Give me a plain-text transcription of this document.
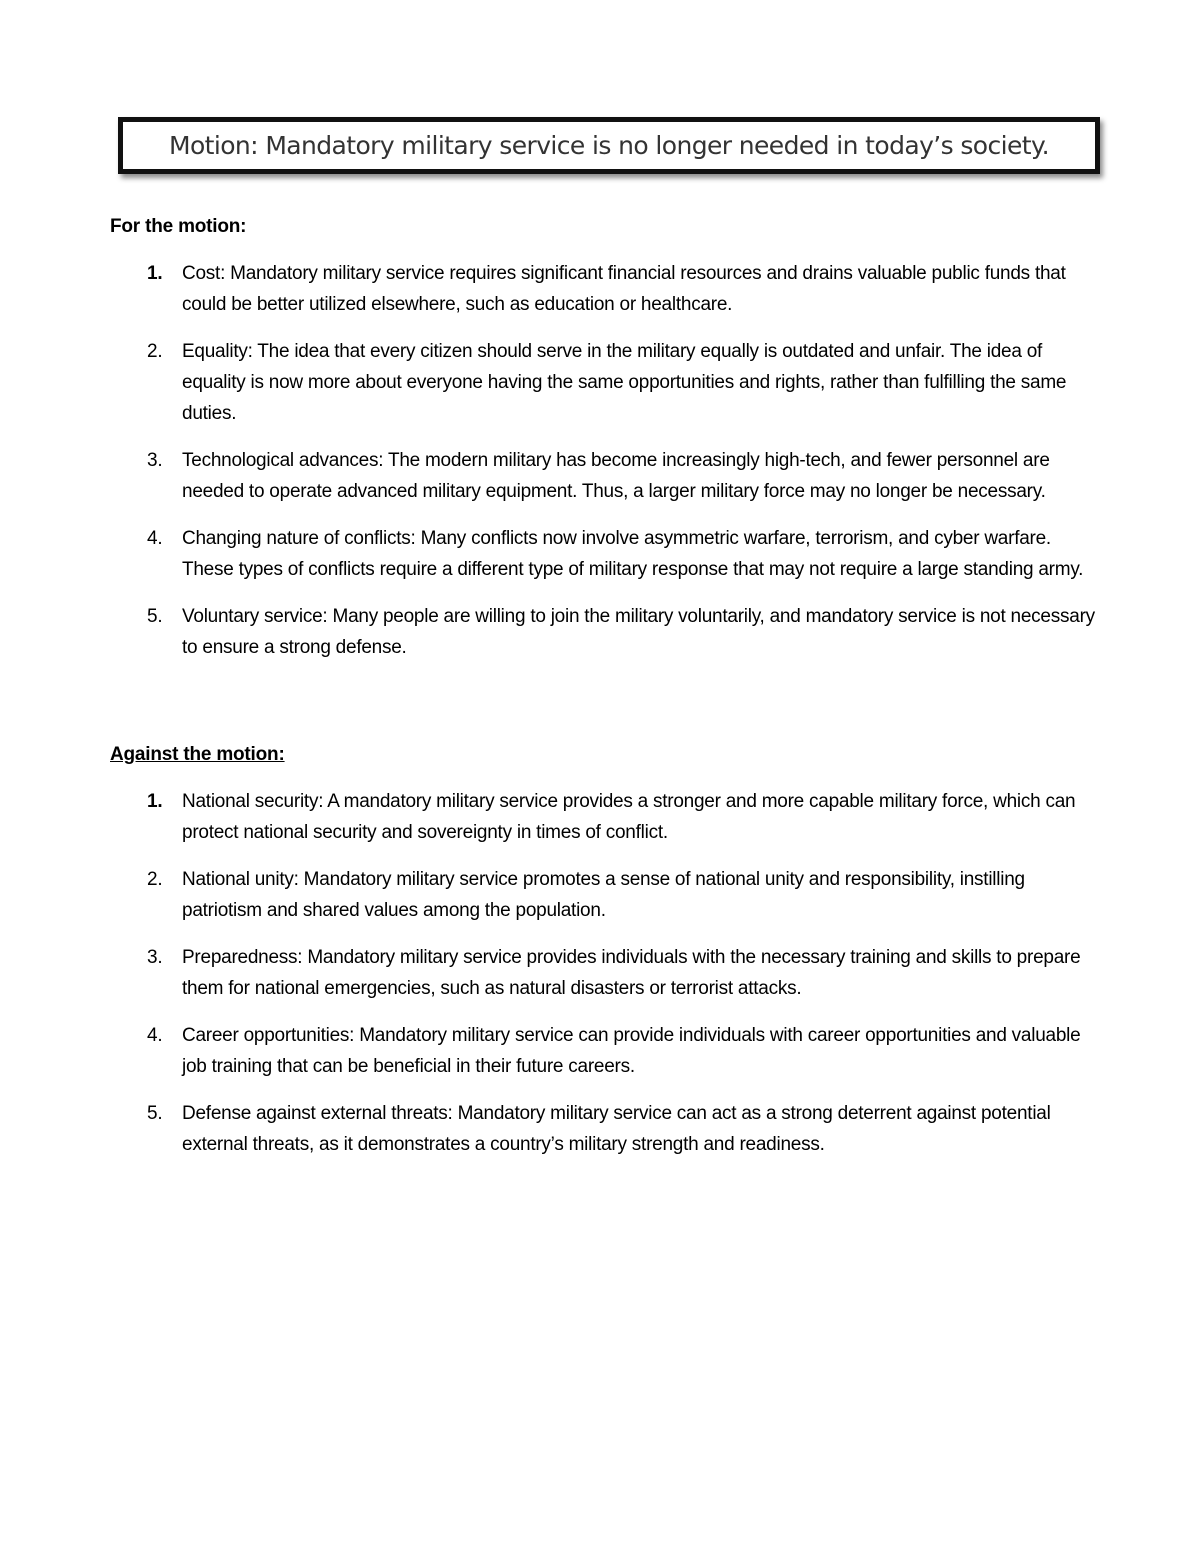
Motion: Mandatory military service is no longer needed in today’s society.
For the motion:
1. Cost: Mandatory military service requires significant financial resources and drains valuable public funds that could be better utilized elsewhere, such as education or healthcare.
2. Equality: The idea that every citizen should serve in the military equally is outdated and unfair. The idea of equality is now more about everyone having the same opportunities and rights, rather than fulfilling the same duties.
3. Technological advances: The modern military has become increasingly high-tech, and fewer personnel are needed to operate advanced military equipment. Thus, a larger military force may no longer be necessary.
4. Changing nature of conflicts: Many conflicts now involve asymmetric warfare, terrorism, and cyber warfare. These types of conflicts require a different type of military response that may not require a large standing army.
5. Voluntary service: Many people are willing to join the military voluntarily, and mandatory service is not necessary to ensure a strong defense.
Against the motion:
1. National security: A mandatory military service provides a stronger and more capable military force, which can protect national security and sovereignty in times of conflict.
2. National unity: Mandatory military service promotes a sense of national unity and responsibility, instilling patriotism and shared values among the population.
3. Preparedness: Mandatory military service provides individuals with the necessary training and skills to prepare them for national emergencies, such as natural disasters or terrorist attacks.
4. Career opportunities: Mandatory military service can provide individuals with career opportunities and valuable job training that can be beneficial in their future careers.
5. Defense against external threats: Mandatory military service can act as a strong deterrent against potential external threats, as it demonstrates a country’s military strength and readiness.
